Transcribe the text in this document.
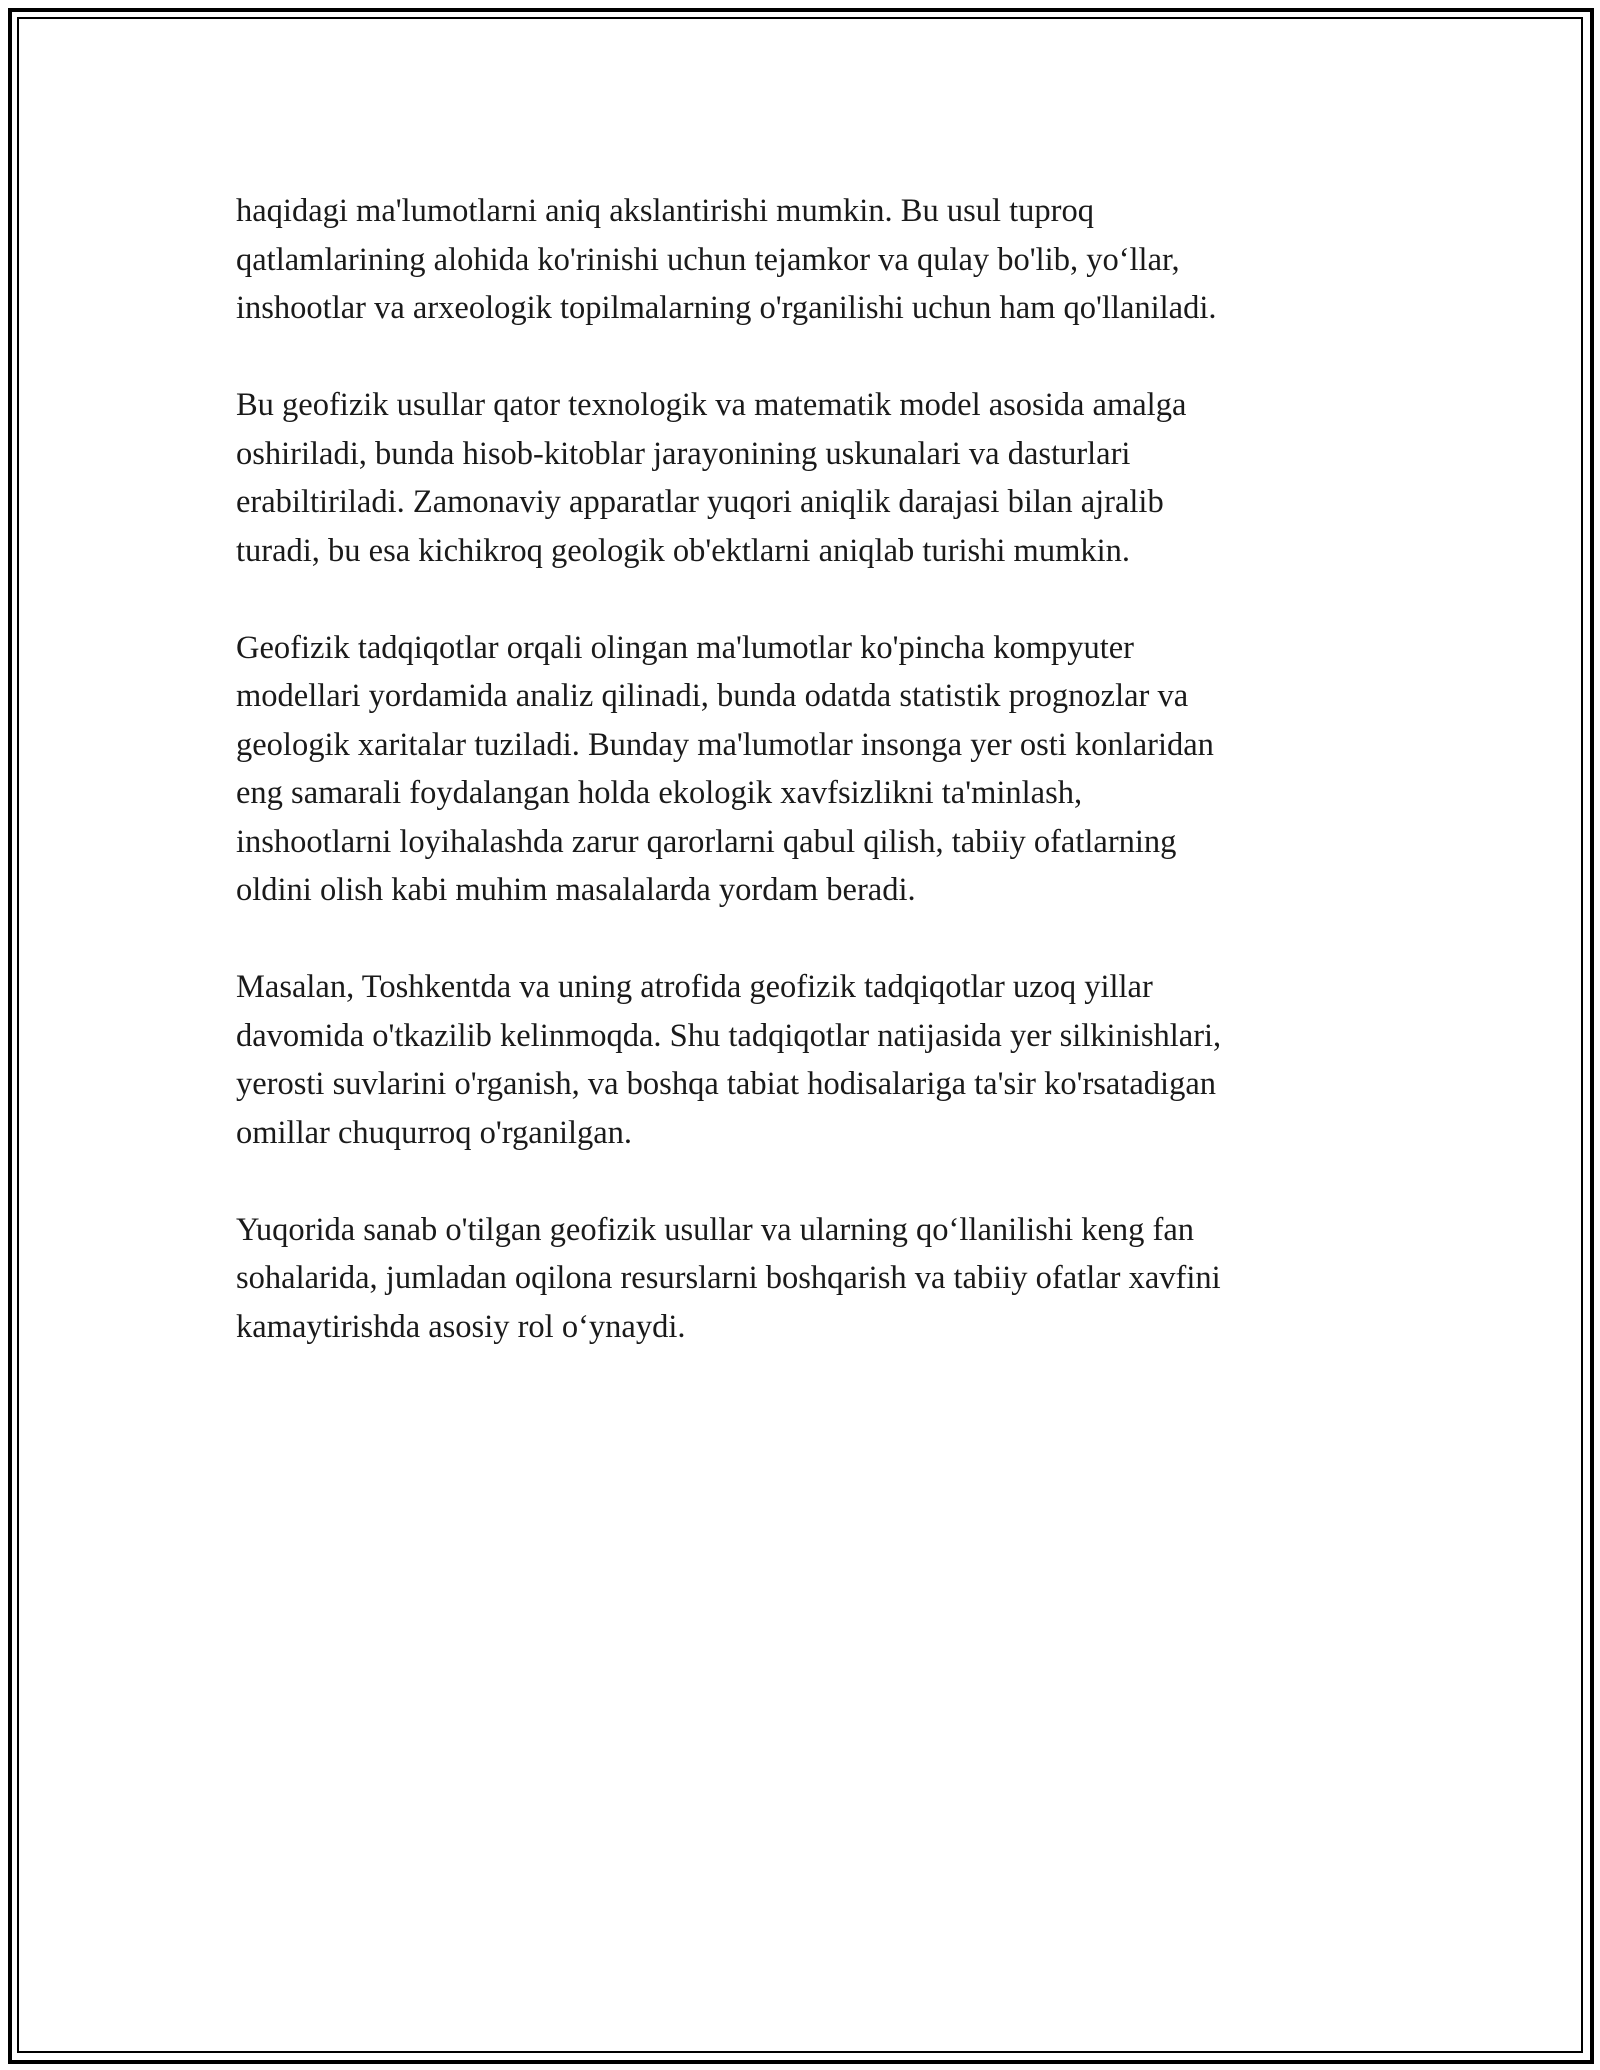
haqidagi ma'lumotlarni aniq akslantirishi mumkin. Bu usul tuproq
qatlamlarining alohida ko'rinishi uchun tejamkor va qulay bo'lib, yo‘llar,
inshootlar va arxeologik topilmalarning o'rganilishi uchun ham qo'llaniladi.

Bu geofizik usullar qator texnologik va matematik model asosida amalga
oshiriladi, bunda hisob-kitoblar jarayonining uskunalari va dasturlari
erabiltiriladi. Zamonaviy apparatlar yuqori aniqlik darajasi bilan ajralib
turadi, bu esa kichikroq geologik ob'ektlarni aniqlab turishi mumkin.

Geofizik tadqiqotlar orqali olingan ma'lumotlar ko'pincha kompyuter
modellari yordamida analiz qilinadi, bunda odatda statistik prognozlar va
geologik xaritalar tuziladi. Bunday ma'lumotlar insonga yer osti konlaridan
eng samarali foydalangan holda ekologik xavfsizlikni ta'minlash,
inshootlarni loyihalashda zarur qarorlarni qabul qilish, tabiiy ofatlarning
oldini olish kabi muhim masalalarda yordam beradi.

Masalan, Toshkentda va uning atrofida geofizik tadqiqotlar uzoq yillar
davomida o'tkazilib kelinmoqda. Shu tadqiqotlar natijasida yer silkinishlari,
yerosti suvlarini o'rganish, va boshqa tabiat hodisalariga ta'sir ko'rsatadigan
omillar chuqurroq o'rganilgan.

Yuqorida sanab o'tilgan geofizik usullar va ularning qo‘llanilishi keng fan
sohalarida, jumladan oqilona resurslarni boshqarish va tabiiy ofatlar xavfini
kamaytirishda asosiy rol o‘ynaydi.
